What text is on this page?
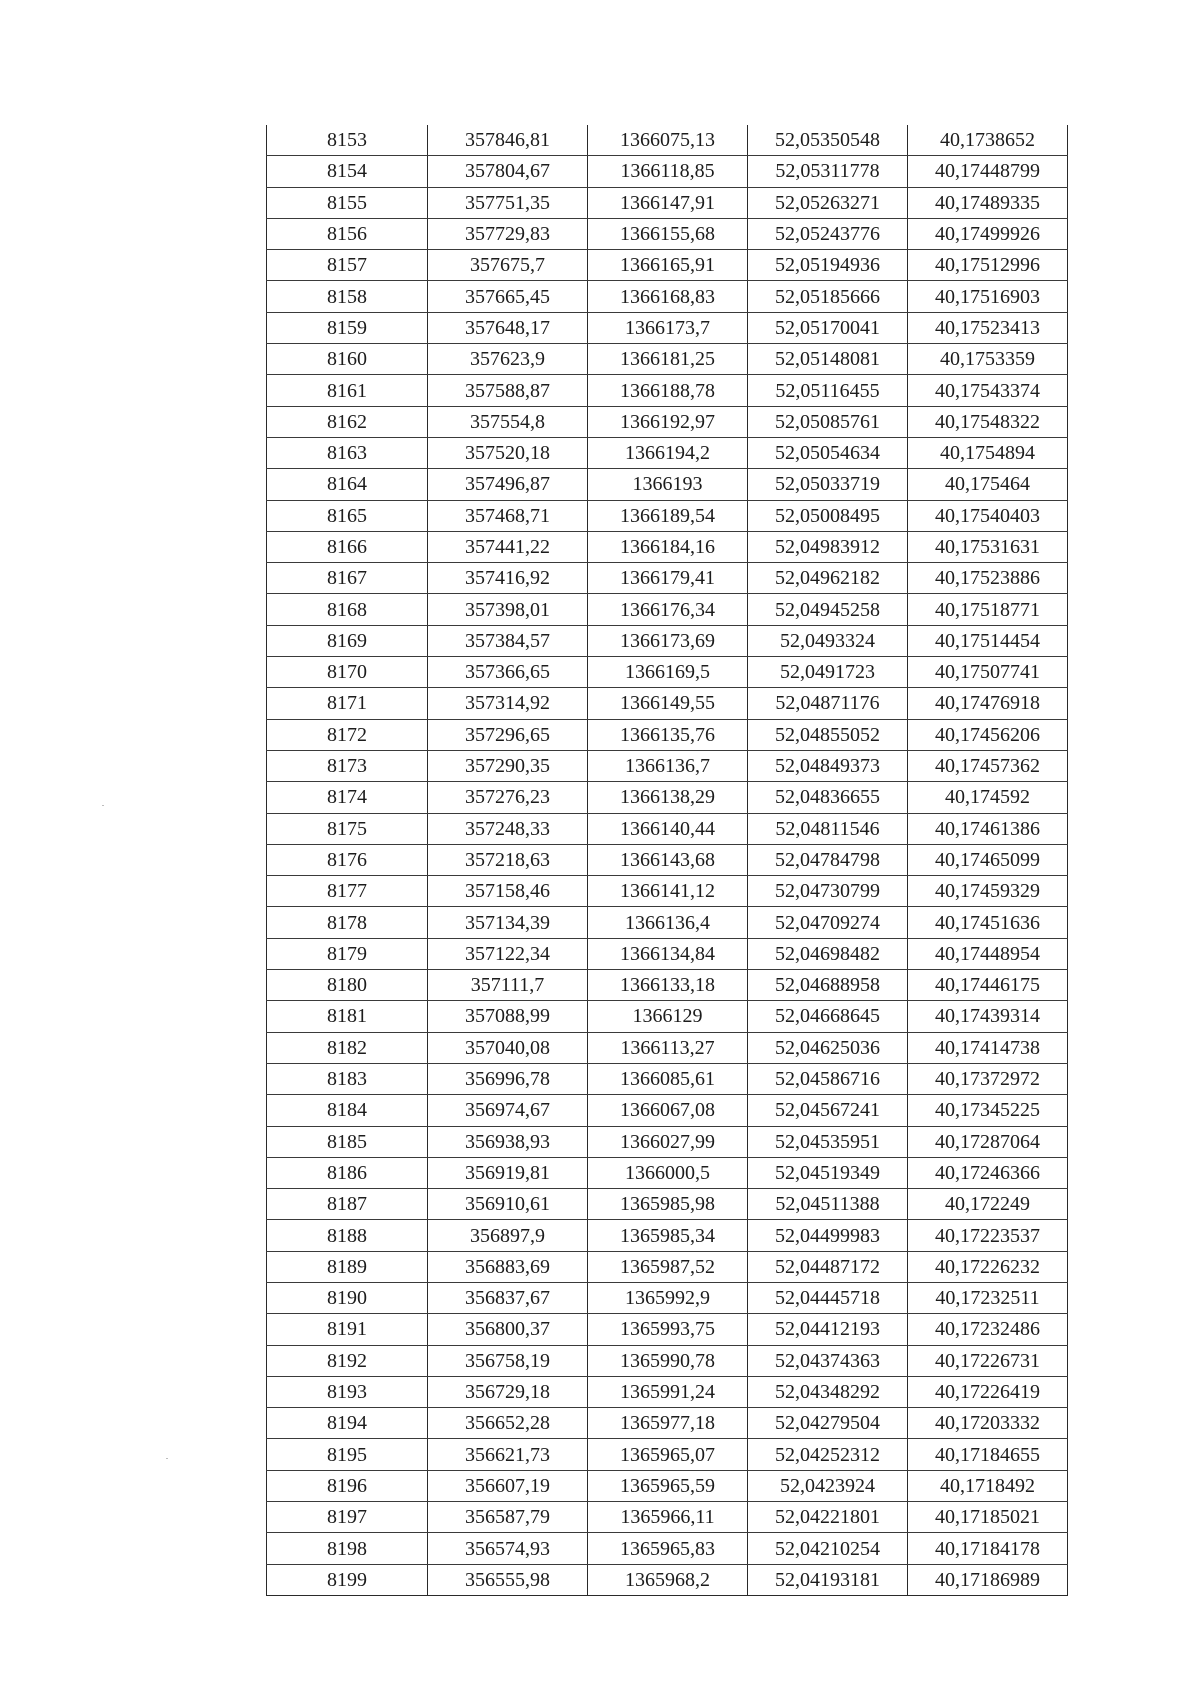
8153	357846,81	1366075,13	52,05350548	40,1738652
8154	357804,67	1366118,85	52,05311778	40,17448799
8155	357751,35	1366147,91	52,05263271	40,17489335
8156	357729,83	1366155,68	52,05243776	40,17499926
8157	357675,7	1366165,91	52,05194936	40,17512996
8158	357665,45	1366168,83	52,05185666	40,17516903
8159	357648,17	1366173,7	52,05170041	40,17523413
8160	357623,9	1366181,25	52,05148081	40,1753359
8161	357588,87	1366188,78	52,05116455	40,17543374
8162	357554,8	1366192,97	52,05085761	40,17548322
8163	357520,18	1366194,2	52,05054634	40,1754894
8164	357496,87	1366193	52,05033719	40,175464
8165	357468,71	1366189,54	52,05008495	40,17540403
8166	357441,22	1366184,16	52,04983912	40,17531631
8167	357416,92	1366179,41	52,04962182	40,17523886
8168	357398,01	1366176,34	52,04945258	40,17518771
8169	357384,57	1366173,69	52,0493324	40,17514454
8170	357366,65	1366169,5	52,0491723	40,17507741
8171	357314,92	1366149,55	52,04871176	40,17476918
8172	357296,65	1366135,76	52,04855052	40,17456206
8173	357290,35	1366136,7	52,04849373	40,17457362
8174	357276,23	1366138,29	52,04836655	40,174592
8175	357248,33	1366140,44	52,04811546	40,17461386
8176	357218,63	1366143,68	52,04784798	40,17465099
8177	357158,46	1366141,12	52,04730799	40,17459329
8178	357134,39	1366136,4	52,04709274	40,17451636
8179	357122,34	1366134,84	52,04698482	40,17448954
8180	357111,7	1366133,18	52,04688958	40,17446175
8181	357088,99	1366129	52,04668645	40,17439314
8182	357040,08	1366113,27	52,04625036	40,17414738
8183	356996,78	1366085,61	52,04586716	40,17372972
8184	356974,67	1366067,08	52,04567241	40,17345225
8185	356938,93	1366027,99	52,04535951	40,17287064
8186	356919,81	1366000,5	52,04519349	40,17246366
8187	356910,61	1365985,98	52,04511388	40,172249
8188	356897,9	1365985,34	52,04499983	40,17223537
8189	356883,69	1365987,52	52,04487172	40,17226232
8190	356837,67	1365992,9	52,04445718	40,17232511
8191	356800,37	1365993,75	52,04412193	40,17232486
8192	356758,19	1365990,78	52,04374363	40,17226731
8193	356729,18	1365991,24	52,04348292	40,17226419
8194	356652,28	1365977,18	52,04279504	40,17203332
8195	356621,73	1365965,07	52,04252312	40,17184655
8196	356607,19	1365965,59	52,0423924	40,1718492
8197	356587,79	1365966,11	52,04221801	40,17185021
8198	356574,93	1365965,83	52,04210254	40,17184178
8199	356555,98	1365968,2	52,04193181	40,17186989
